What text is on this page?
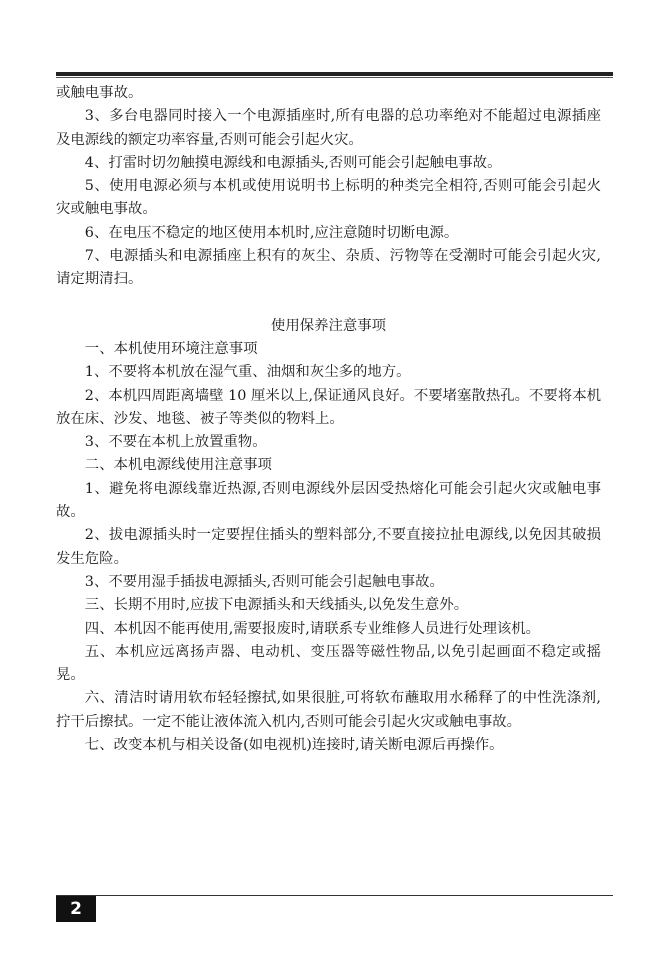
或触电事故。

3、多台电器同时接入一个电源插座时,所有电器的总功率绝对不能超过电源插座及电源线的额定功率容量,否则可能会引起火灾。

4、打雷时切勿触摸电源线和电源插头,否则可能会引起触电事故。

5、使用电源必须与本机或使用说明书上标明的种类完全相符,否则可能会引起火灾或触电事故。

6、在电压不稳定的地区使用本机时,应注意随时切断电源。

7、电源插头和电源插座上积有的灰尘、杂质、污物等在受潮时可能会引起火灾,请定期清扫。

使用保养注意事项

一、本机使用环境注意事项

1、不要将本机放在湿气重、油烟和灰尘多的地方。

2、本机四周距离墙壁 10 厘米以上,保证通风良好。不要堵塞散热孔。不要将本机放在床、沙发、地毯、被子等类似的物料上。

3、不要在本机上放置重物。

二、本机电源线使用注意事项

1、避免将电源线靠近热源,否则电源线外层因受热熔化可能会引起火灾或触电事故。

2、拔电源插头时一定要捏住插头的塑料部分,不要直接拉扯电源线,以免因其破损发生危险。

3、不要用湿手插拔电源插头,否则可能会引起触电事故。

三、长期不用时,应拔下电源插头和天线插头,以免发生意外。

四、本机因不能再使用,需要报废时,请联系专业维修人员进行处理该机。

五、本机应远离扬声器、电动机、变压器等磁性物品,以免引起画面不稳定或摇晃。

六、清洁时请用软布轻轻擦拭,如果很脏,可将软布蘸取用水稀释了的中性洗涤剂,拧干后擦拭。一定不能让液体流入机内,否则可能会引起火灾或触电事故。

七、改变本机与相关设备(如电视机)连接时,请关断电源后再操作。

2
